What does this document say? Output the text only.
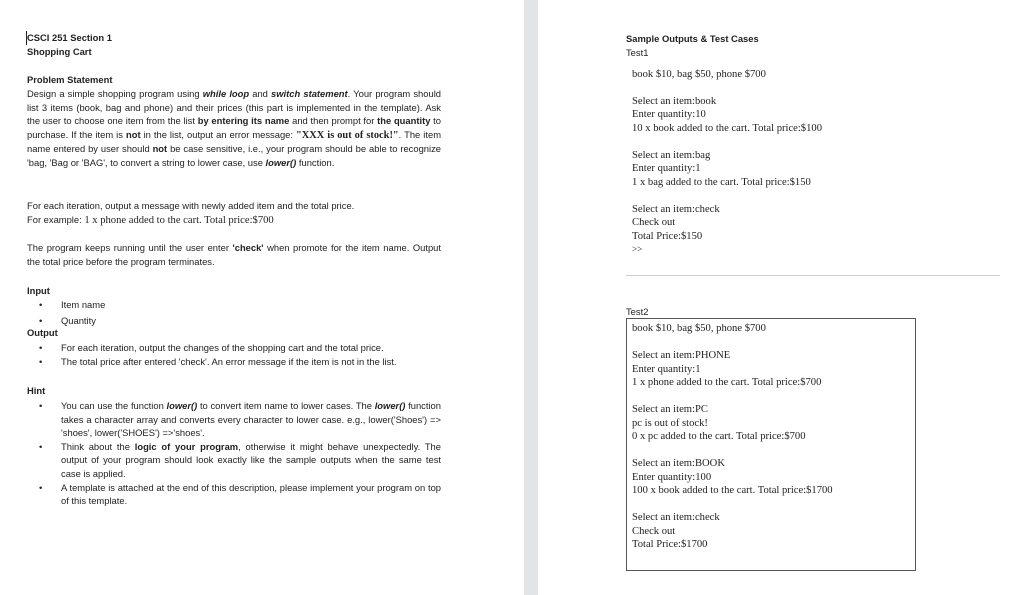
CSCI 251 Section 1
Shopping Cart
Problem Statement
Design a simple shopping program using while loop and switch statement. Your program should list 3 items (book, bag and phone) and their prices (this part is implemented in the template). Ask the user to choose one item from the list by entering its name and then prompt for the quantity to purchase. If the item is not in the list, output an error message: "XXX is out of stock!". The item name entered by user should not be case sensitive, i.e., your program should be able to recognize 'bag, 'Bag or 'BAG', to convert a string to lower case, use lower() function.

For each iteration, output a message with newly added item and the total price.

For example: 1 x phone added to the cart. Total price:$700

The program keeps running until the user enter 'check' when promote for the item name. Output the total price before the program terminates.
Input
• Item name
• Quantity
Output
• For each iteration, output the changes of the shopping cart and the total price.
• The total price after entered 'check'. An error message if the item is not in the list.
Hint
• You can use the function lower() to convert item name to lower cases. The lower() function takes a character array and converts every character to lower case. e.g., lower('Shoes') => 'shoes', lower('SHOES') =>'shoes'.
• Think about the logic of your program, otherwise it might behave unexpectedly. The output of your program should look exactly like the sample outputs when the same test case is applied.
• A template is attached at the end of this description, please implement your program on top of this template.
Sample Outputs & Test Cases
Test1
book $10, bag $50, phone $700
Select an item:book
Enter quantity:10
10 x book added to the cart. Total price:$100
Select an item:bag
Enter quantity:1
1 x bag added to the cart. Total price:$150
Select an item:check
Check out
Total Price:$150
>>
Test2
book $10, bag $50, phone $700
Select an item:PHONE
Enter quantity:1
1 x phone added to the cart. Total price:$700
Select an item:PC
pc is out of stock!
0 x pc added to the cart. Total price:$700
Select an item:BOOK
Enter quantity:100
100 x book added to the cart. Total price:$1700
Select an item:check
Check out
Total Price:$1700
